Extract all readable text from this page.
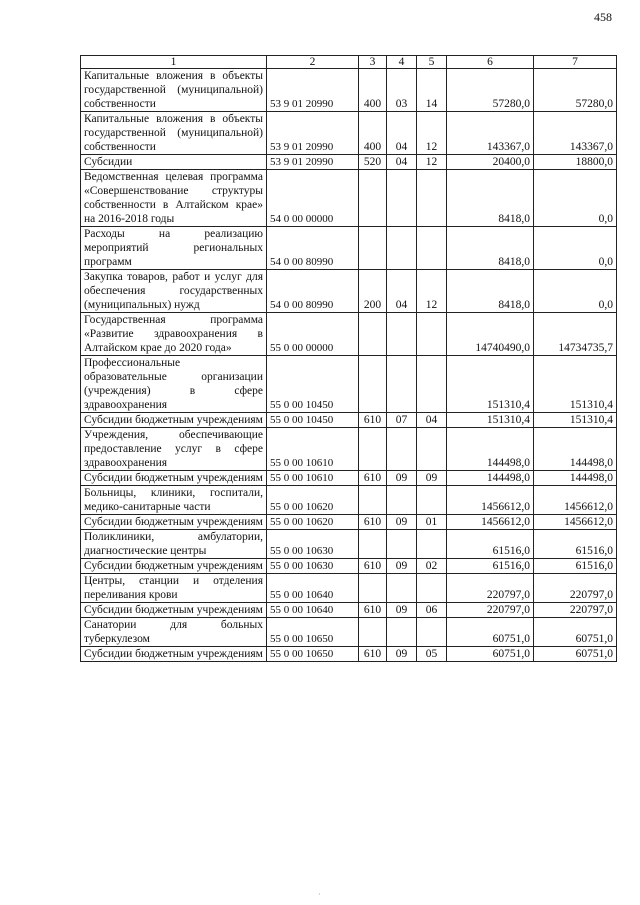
458
1	2	3	4	5	6	7
Капитальные вложения в объекты государственной (муниципальной) собственности	53 9 01 20990	400	03	14	57280,0	57280,0
Капитальные вложения в объекты государственной (муниципальной) собственности	53 9 01 20990	400	04	12	143367,0	143367,0
Субсидии	53 9 01 20990	520	04	12	20400,0	18800,0
Ведомственная целевая программа «Совершенствование структуры собственности в Алтайском крае» на 2016-2018 годы	54 0 00 00000				8418,0	0,0
Расходы на реализацию мероприятий региональных программ	54 0 00 80990				8418,0	0,0
Закупка товаров, работ и услуг для обеспечения государственных (муниципальных) нужд	54 0 00 80990	200	04	12	8418,0	0,0
Государственная программа «Развитие здравоохранения в Алтайском крае до 2020 года»	55 0 00 00000				14740490,0	14734735,7
Профессиональные образовательные организации (учреждения) в сфере здравоохранения	55 0 00 10450				151310,4	151310,4
Субсидии бюджетным учреждениям	55 0 00 10450	610	07	04	151310,4	151310,4
Учреждения, обеспечивающие предоставление услуг в сфере здравоохранения	55 0 00 10610				144498,0	144498,0
Субсидии бюджетным учреждениям	55 0 00 10610	610	09	09	144498,0	144498,0
Больницы, клиники, госпитали, медико-санитарные части	55 0 00 10620				1456612,0	1456612,0
Субсидии бюджетным учреждениям	55 0 00 10620	610	09	01	1456612,0	1456612,0
Поликлиники, амбулатории, диагностические центры	55 0 00 10630				61516,0	61516,0
Субсидии бюджетным учреждениям	55 0 00 10630	610	09	02	61516,0	61516,0
Центры, станции и отделения переливания крови	55 0 00 10640				220797,0	220797,0
Субсидии бюджетным учреждениям	55 0 00 10640	610	09	06	220797,0	220797,0
Санатории для больных туберкулезом	55 0 00 10650				60751,0	60751,0
Субсидии бюджетным учреждениям	55 0 00 10650	610	09	05	60751,0	60751,0
·
